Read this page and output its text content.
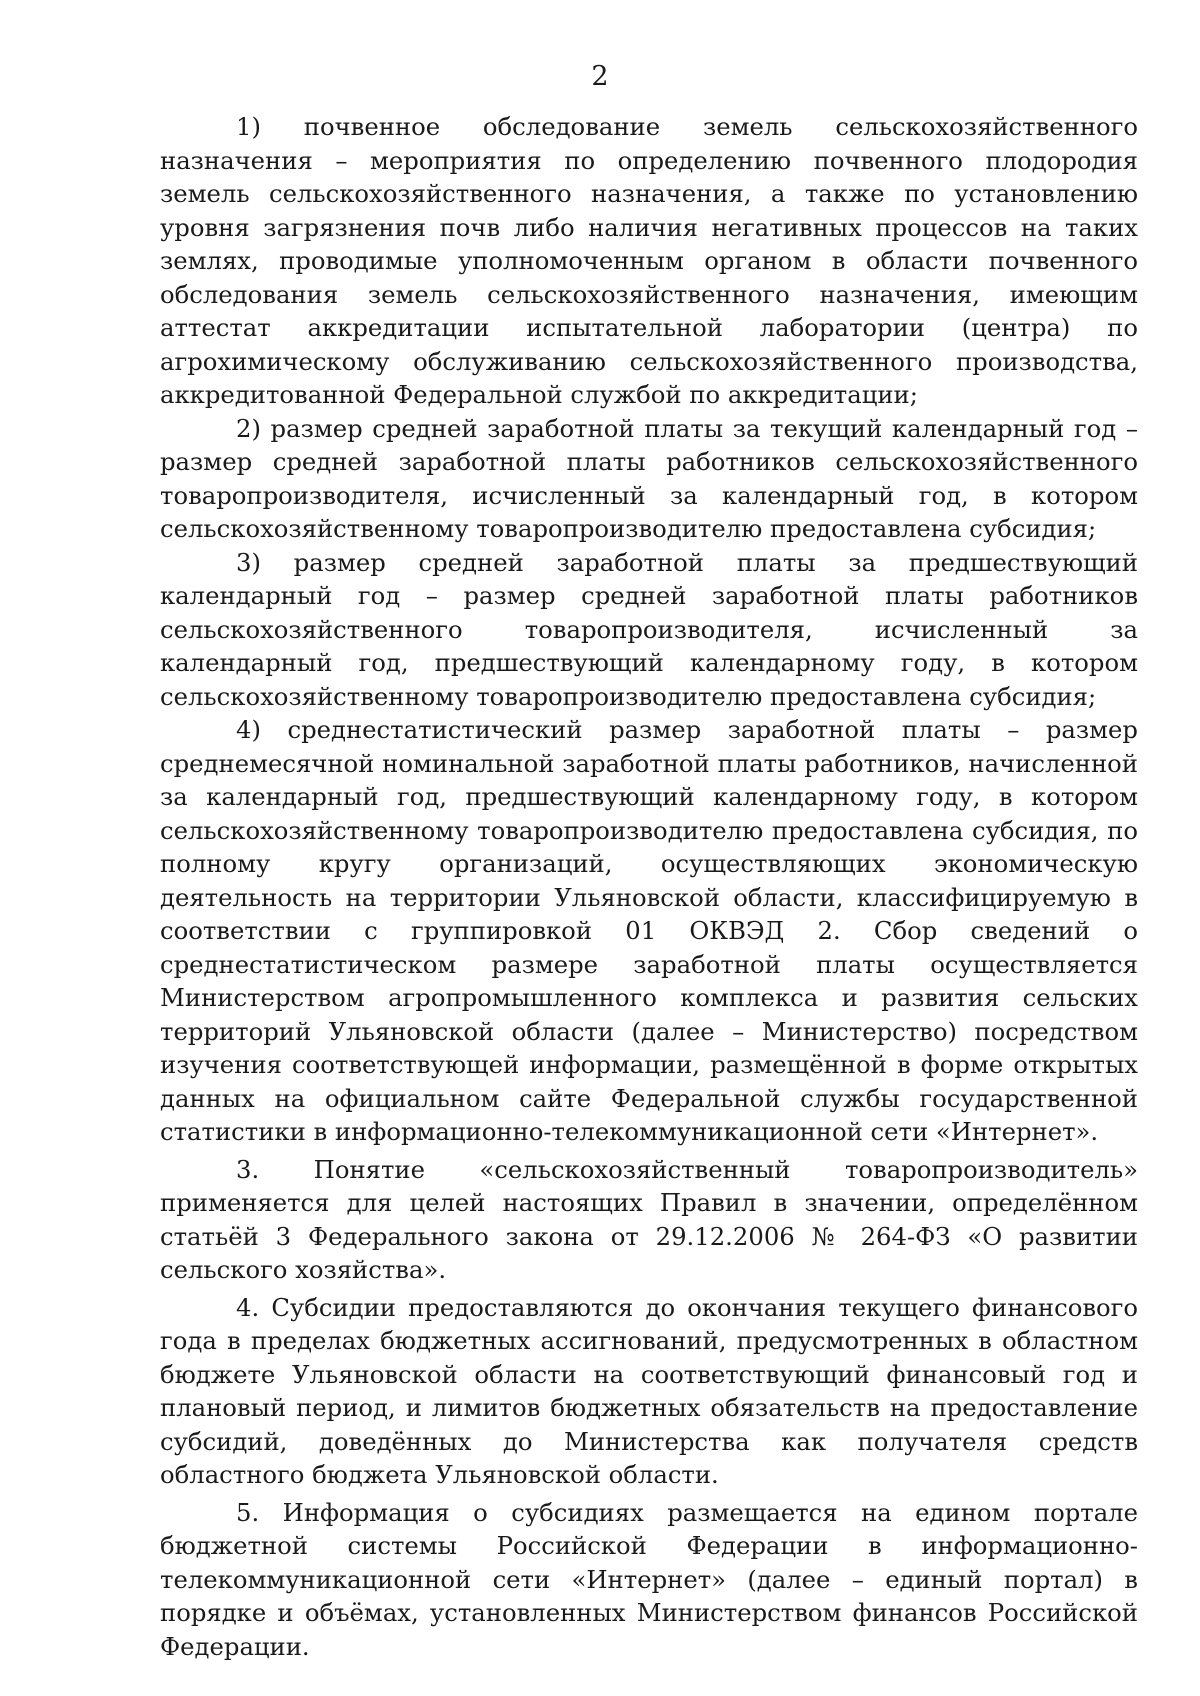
2

1) почвенное обследование земель сельскохозяйственного назначения – мероприятия по определению почвенного плодородия земель сельскохозяйственного назначения, а также по установлению уровня загрязнения почв либо наличия негативных процессов на таких землях, проводимые уполномоченным органом в области почвенного обследования земель сельскохозяйственного назначения, имеющим аттестат аккредитации испытательной лаборатории (центра) по агрохимическому обслуживанию сельскохозяйственного производства, аккредитованной Федеральной службой по аккредитации;

2) размер средней заработной платы за текущий календарный год – размер средней заработной платы работников сельскохозяйственного товаропроизводителя, исчисленный за календарный год, в котором сельскохозяйственному товаропроизводителю предоставлена субсидия;

3) размер средней заработной платы за предшествующий календарный год – размер средней заработной платы работников сельскохозяйственного товаропроизводителя, исчисленный за календарный год, предшествующий календарному году, в котором сельскохозяйственному товаропроизводителю предоставлена субсидия;

4) среднестатистический размер заработной платы – размер среднемесячной номинальной заработной платы работников, начисленной за календарный год, предшествующий календарному году, в котором сельскохозяйственному товаропроизводителю предоставлена субсидия, по полному кругу организаций, осуществляющих экономическую деятельность на территории Ульяновской области, классифицируемую в соответствии с группировкой 01 ОКВЭД 2. Сбор сведений о среднестатистическом размере заработной платы осуществляется Министерством агропромышленного комплекса и развития сельских территорий Ульяновской области (далее – Министерство) посредством изучения соответствующей информации, размещённой в форме открытых данных на официальном сайте Федеральной службы государственной статистики в информационно-телекоммуникационной сети «Интернет».

3. Понятие «сельскохозяйственный товаропроизводитель» применяется для целей настоящих Правил в значении, определённом статьёй 3 Федерального закона от 29.12.2006 № 264-ФЗ «О развитии сельского хозяйства».

4. Субсидии предоставляются до окончания текущего финансового года в пределах бюджетных ассигнований, предусмотренных в областном бюджете Ульяновской области на соответствующий финансовый год и плановый период, и лимитов бюджетных обязательств на предоставление субсидий, доведённых до Министерства как получателя средств областного бюджета Ульяновской области.

5. Информация о субсидиях размещается на едином портале бюджетной системы Российской Федерации в информационно-телекоммуникационной сети «Интернет» (далее – единый портал) в порядке и объёмах, установленных Министерством финансов Российской Федерации.
